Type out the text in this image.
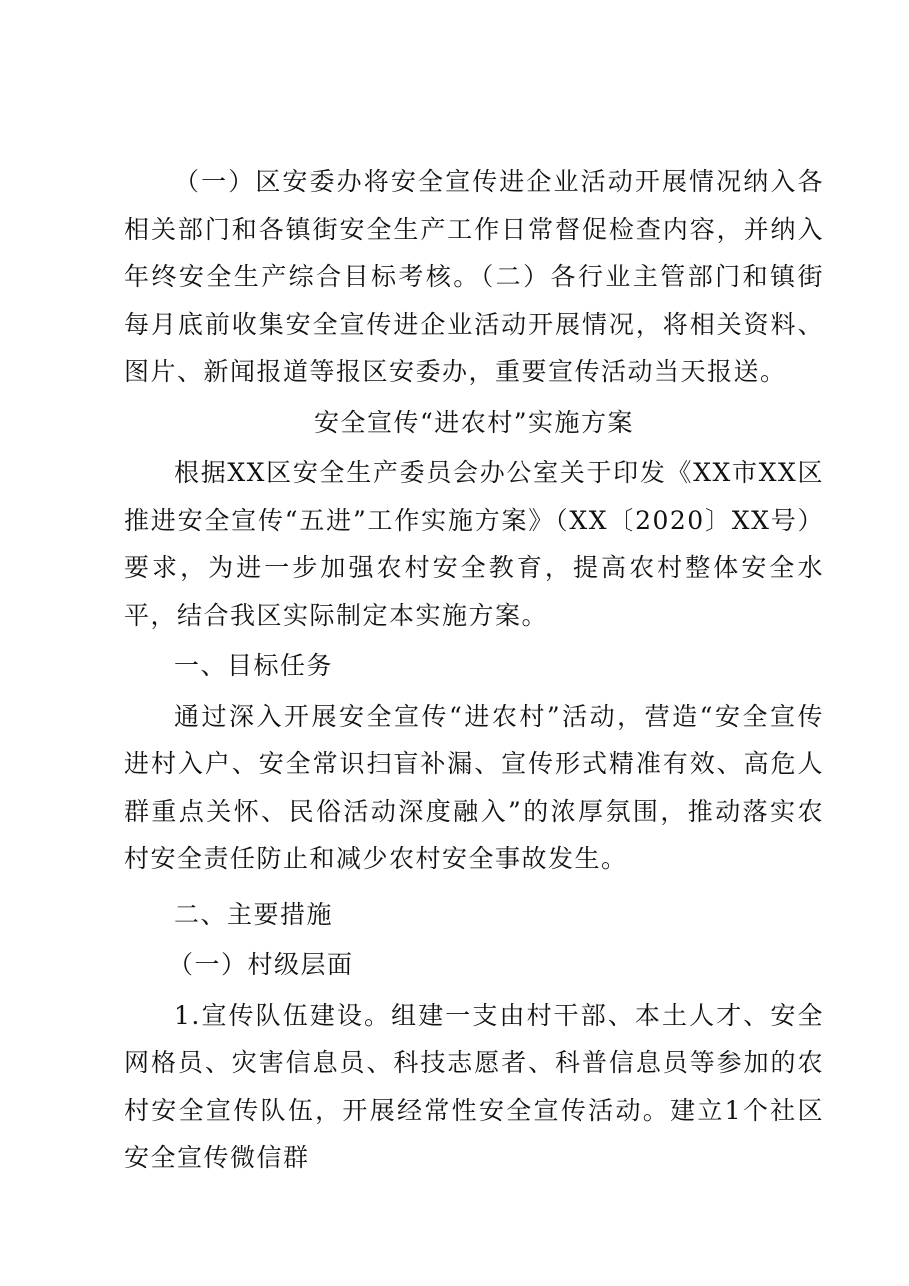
（一）区安委办将安全宣传进企业活动开展情况纳入各相关部门和各镇街安全生产工作日常督促检查内容，并纳入年终安全生产综合目标考核。（二）各行业主管部门和镇街每月底前收集安全宣传进企业活动开展情况，将相关资料、图片、新闻报道等报区安委办，重要宣传活动当天报送。

安全宣传“进农村”实施方案

根据XX区安全生产委员会办公室关于印发《XX市XX区推进安全宣传“五进”工作实施方案》（XX〔2020〕XX号）要求，为进一步加强农村安全教育，提高农村整体安全水平，结合我区实际制定本实施方案。

一、目标任务

通过深入开展安全宣传“进农村”活动，营造“安全宣传进村入户、安全常识扫盲补漏、宣传形式精准有效、高危人群重点关怀、民俗活动深度融入”的浓厚氛围，推动落实农村安全责任防止和减少农村安全事故发生。

二、主要措施

（一）村级层面

1.宣传队伍建设。组建一支由村干部、本土人才、安全网格员、灾害信息员、科技志愿者、科普信息员等参加的农村安全宣传队伍，开展经常性安全宣传活动。建立1个社区安全宣传微信群
